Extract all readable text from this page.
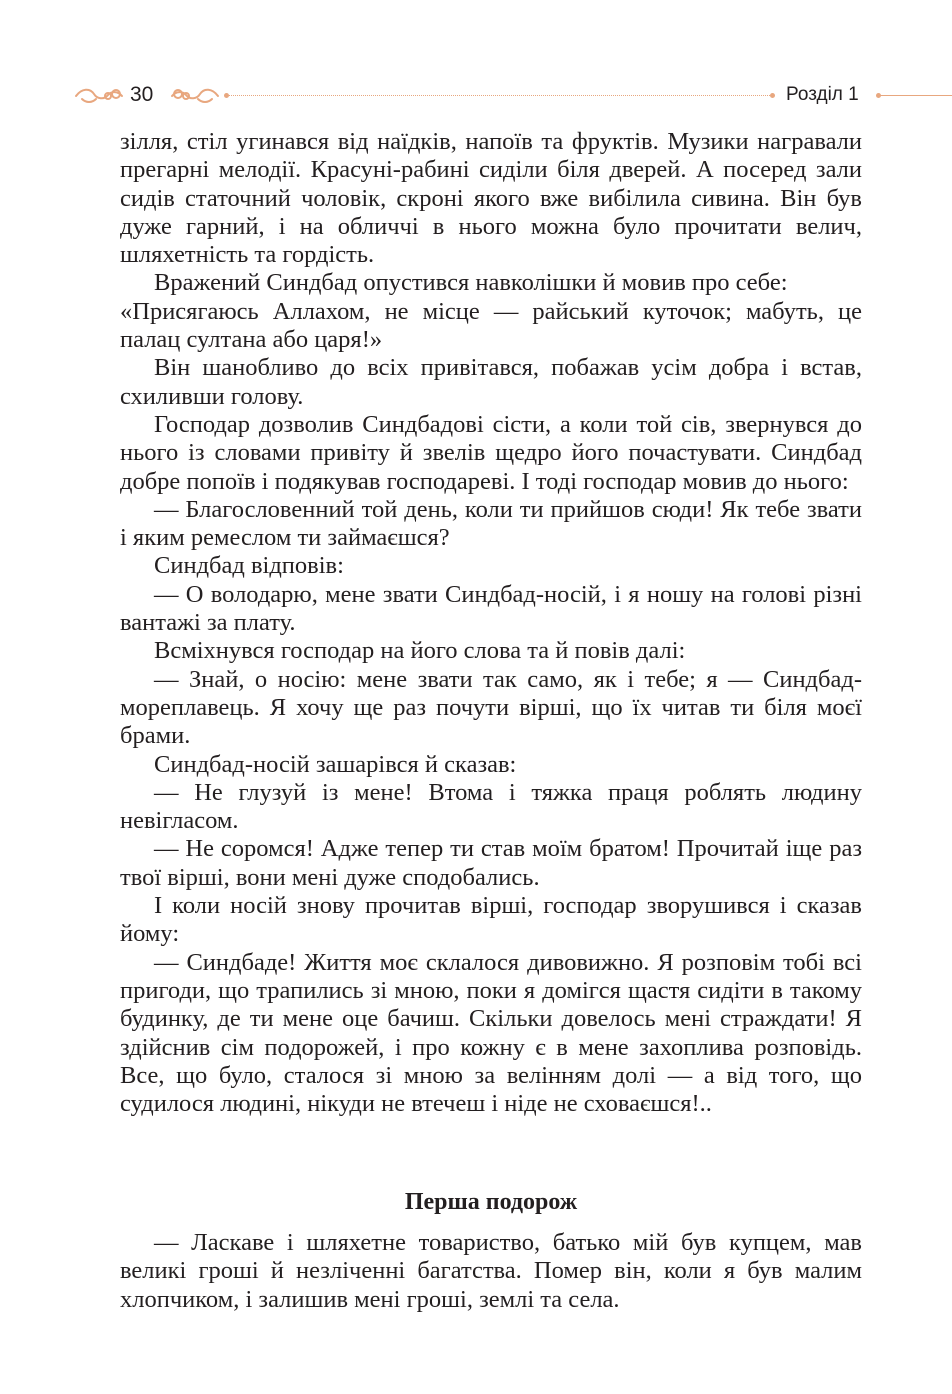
30	Розділ 1

зілля, стіл угинався від наїдків, напоїв та фруктів. Музики награвали прегарні мелодії. Красуні-рабині сиділи біля дверей. А посеред зали сидів статочний чоловік, скроні якого вже вибілила сивина. Він був дуже гарний, і на обличчі в нього можна було прочитати велич, шляхетність та гордість.

Вражений Синдбад опустився навколішки й мовив про себе:

«Присягаюсь Аллахом, не місце — райський куточок; мабуть, це палац султана або царя!»

Він шанобливо до всіх привітався, побажав усім добра і встав, схиливши голову.

Господар дозволив Синдбадові сісти, а коли той сів, звернувся до нього із словами привіту й звелів щедро його почастувати. Синдбад добре попоїв і подякував господареві. І тоді господар мовив до нього:

— Благословенний той день, коли ти прийшов сюди! Як тебе звати і яким ремеслом ти займаєшся?

Синдбад відповів:

— О володарю, мене звати Синдбад-носій, і я ношу на голові різні вантажі за плату.

Всміхнувся господар на його слова та й повів далі:

— Знай, о носію: мене звати так само, як і тебе; я — Синдбад-мореплавець. Я хочу ще раз почути вірші, що їх читав ти біля моєї брами.

Синдбад-носій зашарівся й сказав:

— Не глузуй із мене! Втома і тяжка праця роблять людину невігласом.

— Не соромся! Адже тепер ти став моїм братом! Прочитай іще раз твої вірші, вони мені дуже сподобались.

І коли носій знову прочитав вірші, господар зворушився і сказав йому:

— Синдбаде! Життя моє склалося дивовижно. Я розповім тобі всі пригоди, що трапились зі мною, поки я домігся щастя сидіти в такому будинку, де ти мене оце бачиш. Скільки довелось мені страждати! Я здійснив сім подорожей, і про кожну є в мене захоплива розповідь. Все, що було, сталося зі мною за велінням долі — а від того, що судилося людині, нікуди не втечеш і ніде не сховаєшся!..

Перша подорож

— Ласкаве і шляхетне товариство, батько мій був купцем, мав великі гроші й незліченні багатства. Помер він, коли я був малим хлопчиком, і залишив мені гроші, землі та села.
